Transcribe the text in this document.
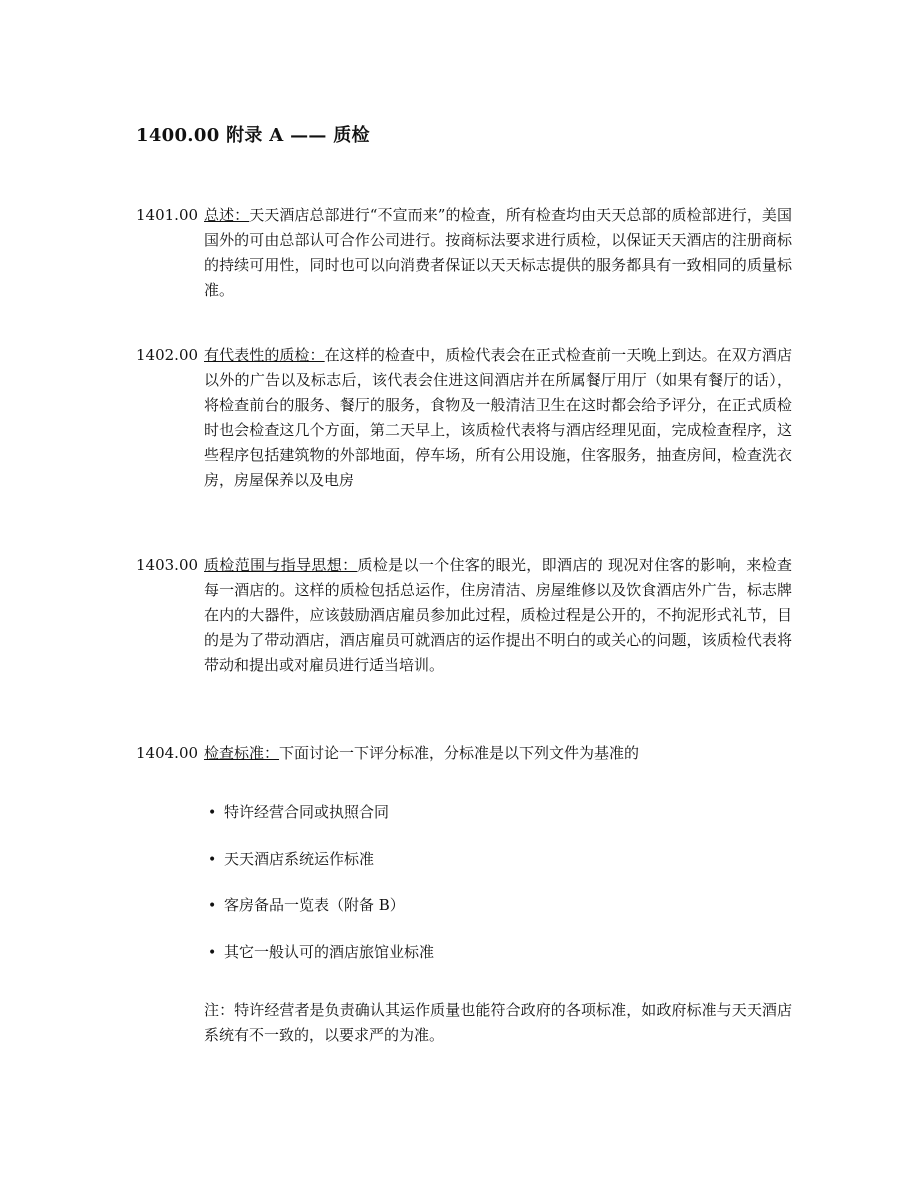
1400.00 附录 A —— 质检
1401.00 总述：天天酒店总部进行“不宣而来”的检查，所有检查均由天天总部的质检部进行，美国国外的可由总部认可合作公司进行。按商标法要求进行质检，以保证天天酒店的注册商标的持续可用性，同时也可以向消费者保证以天天标志提供的服务都具有一致相同的质量标准。
1402.00 有代表性的质检：在这样的检查中，质检代表会在正式检查前一天晚上到达。在双方酒店以外的广告以及标志后，该代表会住进这间酒店并在所属餐厅用厅（如果有餐厅的话），将检查前台的服务、餐厅的服务，食物及一般清洁卫生在这时都会给予评分，在正式质检时也会检查这几个方面，第二天早上，该质检代表将与酒店经理见面，完成检查程序，这些程序包括建筑物的外部地面，停车场，所有公用设施，住客服务，抽查房间，检查洗衣房，房屋保养以及电房
1403.00 质检范围与指导思想：质检是以一个住客的眼光，即酒店的 现况对住客的影响，来检查每一酒店的。这样的质检包括总运作，住房清洁、房屋维修以及饮食酒店外广告，标志牌在内的大器件，应该鼓励酒店雇员参加此过程，质检过程是公开的，不拘泥形式礼节，目的是为了带动酒店，酒店雇员可就酒店的运作提出不明白的或关心的问题，该质检代表将带动和提出或对雇员进行适当培训。
1404.00 检查标准：下面讨论一下评分标准，分标准是以下列文件为基准的
• 特许经营合同或执照合同
• 天天酒店系统运作标准
• 客房备品一览表（附备 B）
• 其它一般认可的酒店旅馆业标准
注：特许经营者是负责确认其运作质量也能符合政府的各项标准，如政府标准与天天酒店系统有不一致的，以要求严的为准。
